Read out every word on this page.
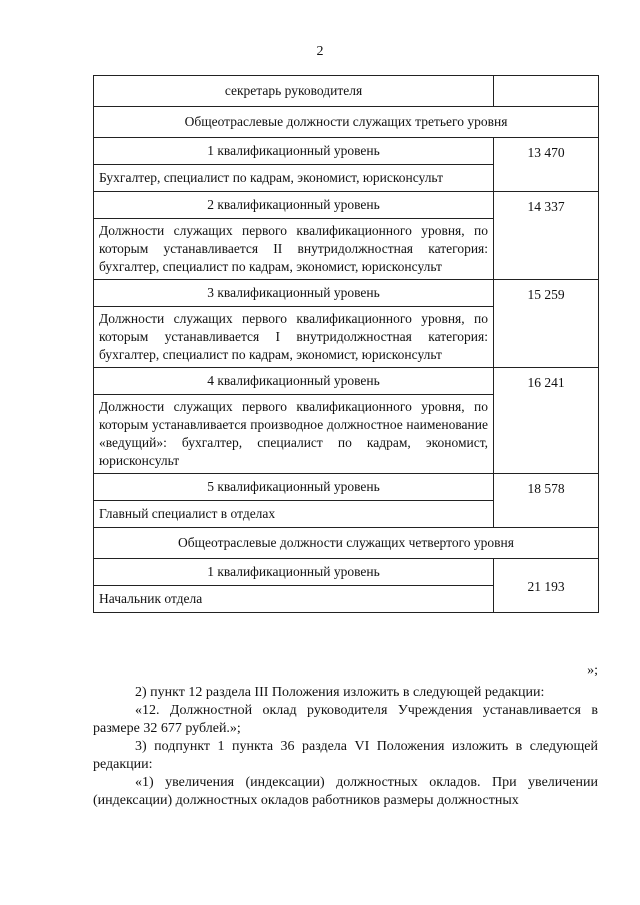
2
секретарь руководителя	
Общеотраслевые должности служащих третьего уровня	
1 квалификационный уровень	13 470
Бухгалтер, специалист по кадрам, экономист, юрисконсульт	
2 квалификационный уровень	14 337
Должности служащих первого квалификационного уровня, по которым устанавливается II внутридолжностная категория: бухгалтер, специалист по кадрам, экономист, юрисконсульт	
3 квалификационный уровень	15 259
Должности служащих первого квалификационного уровня, по которым устанавливается I внутридолжностная категория: бухгалтер, специалист по кадрам, экономист, юрисконсульт	
4 квалификационный уровень	16 241
Должности служащих первого квалификационного уровня, по которым устанавливается производное должностное наименование «ведущий»: бухгалтер, специалист по кадрам, экономист, юрисконсульт	
5 квалификационный уровень	18 578
Главный специалист в отделах	
Общеотраслевые должности служащих четвертого уровня	
1 квалификационный уровень	21 193
Начальник отдела	
»;

2) пункт 12 раздела III Положения изложить в следующей редакции:

«12. Должностной оклад руководителя Учреждения устанавливается в размере 32 677 рублей.»;

3) подпункт 1 пункта 36 раздела VI Положения изложить в следующей редакции:

«1) увеличения (индексации) должностных окладов. При увеличении (индексации) должностных окладов работников размеры должностных
